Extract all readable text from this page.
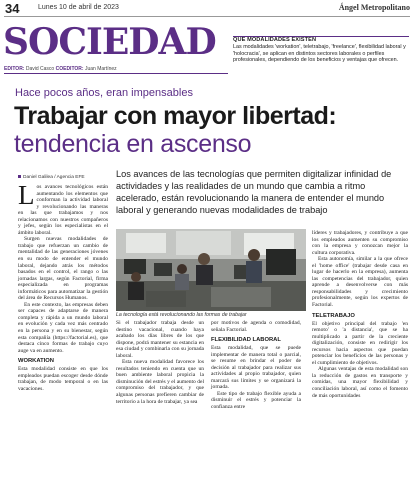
34	Lunes 10 de abril de 2023	Ángel Metropolitano
SOCIEDAD
EDITOR: David Casco COEDITOR: Juan Martínez
QUE MODALIDADES EXISTEN
Las modalidades 'workation', teletrabajo, 'freelance', flexibilidad laboral y 'holocracia', se aplican en distintos sectores laborales o perfiles profesionales, dependiendo de los beneficios y ventajas que ofrecen.
Hace pocos años, eran impensables
Trabajar con mayor libertad:
tendencia en ascenso
Daniel Galilea / Agencia EFE	Los avances de las tecnologías que permiten digitalizar infinidad de actividades y las realidades de un mundo que cambia a ritmo acelerado, están revolucionando la manera de entender el mundo laboral y generando nuevas modalidades de trabajo

Los avances tecnológicos están aumentando los elementos que conforman la actividad laboral y revolucionando las maneras en las que trabajamos y nos relacionamos con nuestros compañeros y jefes, según los especialistas en el ámbito laboral.

Surgen nuevas modalidades de trabajo que refuerzan un cambio de mentalidad de las generaciones jóvenes en su modo de entender el mundo laboral, dejando atrás los métodos basados en el control, el rango o las jornadas largas, según Factorial, firma especializada en programas informáticos para automatizar la gestión del área de Recursos Humanos.

En este contexto, las empresas deben ser capaces de adaptarse de manera completa y rápida a un mundo laboral en evolución y cada vez más centrado en la persona y en su bienestar, según esta compañía (https://factorial.es), que destaca cinco formas de trabajo cuyo auge va en aumento.

WORKATION

Esta modalidad consiste en que los empleados puedan escoger desde dónde trabajan, de modo temporal o en las vacaciones.

La tecnología está revolucionando las formas de trabajar

Si el trabajador trabaja desde un destino vacacional, cuando haya acabado los días libres de los que dispone, podrá mantener su estancia en esa ciudad y combinarla con su jornada laboral.

Esta nueva modalidad favorece los resultados teniendo en cuenta que un buen ambiente laboral propicia la disminución del estrés y el aumento del compromiso del trabajador, y que algunas personas prefieren cambiar de territorio a la hora de trabajar, ya sea

por motivos de agenda o comodidad, señala Factorial.

FLEXIBILIDAD LABORAL

Esta modalidad, que se puede implementar de manera total o parcial, se resume en brindar el poder de decisión al trabajador para realizar sus actividades al propio trabajador, quien marcará sus límites y se organizará la jornada.

Este tipo de trabajo flexible ayuda a disminuir el estrés y potenciar la confianza entre

líderes y trabajadores, y contribuye a que los empleados aumenten su compromiso con la empresa y conozcan mejor la cultura corporativa.

Esta autonomía, similar a la que ofrece el 'home office' (trabajar desde casa en lugar de hacerlo en la empresa), aumenta las competencias del trabajador, quien aprende a desenvolverse con más responsabilidades y crecimiento profesionalmente, según los expertos de Factorial.

TELETRABAJO

El objetivo principal del trabajo 'en remoto' o 'a distancia', que se ha multiplicado a partir de la creciente digitalización, consiste en redirigir los recursos hacia aspectos que puedan potenciar los beneficios de las personas y el cumplimiento de objetivos.

Algunas ventajas de esta modalidad son la reducción de gastos en transporte y comidas, una mayor flexibilidad y conciliación laboral, así como el fomento de más oportunidades
